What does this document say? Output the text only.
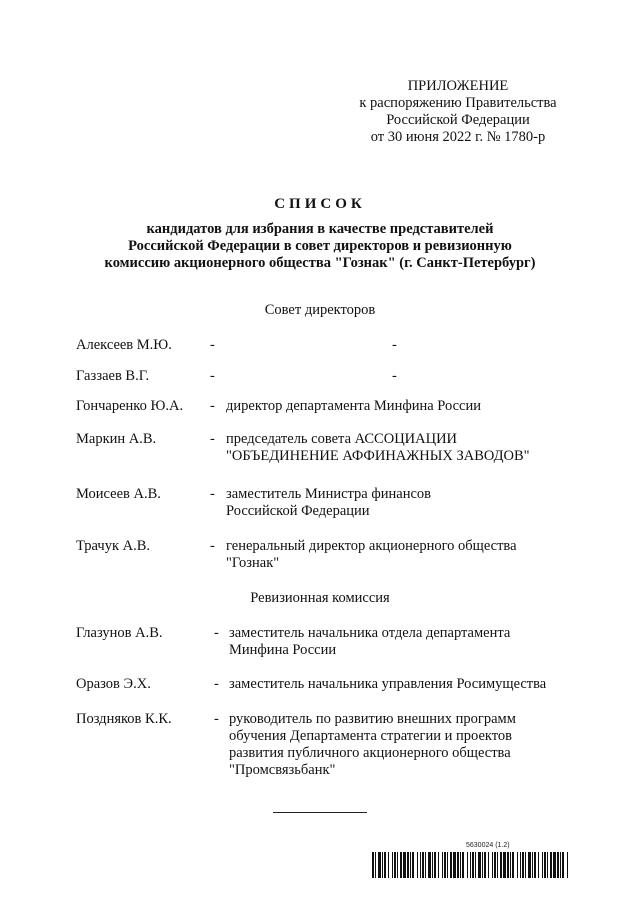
ПРИЛОЖЕНИЕ
к распоряжению Правительства
Российской Федерации
от 30 июня 2022 г. № 1780-р
СПИСОК
кандидатов для избрания в качестве представителей
Российской Федерации в совет директоров и ревизионную
комиссию акционерного общества "Гознак" (г. Санкт-Петербург)
Совет директоров
Алексеев М.Ю.	-	-
Газзаев В.Г.	-	-
Гончаренко Ю.А. - директор департамента Минфина России
Маркин А.В.	- председатель совета АССОЦИАЦИИ
"ОБЪЕДИНЕНИЕ АФФИНАЖНЫХ ЗАВОДОВ"
Моисеев А.В.	- заместитель Министра финансов
Российской Федерации
Трачук А.В.	- генеральный директор акционерного общества
"Гознак"
Ревизионная комиссия
Глазунов А.В.	- заместитель начальника отдела департамента
Минфина России
Оразов Э.Х.	- заместитель начальника управления Росимущества
Поздняков К.К.	- руководитель по развитию внешних программ
обучения Департамента стратегии и проектов
развития публичного акционерного общества
"Промсвязьбанк"
5630024 (1.2)
